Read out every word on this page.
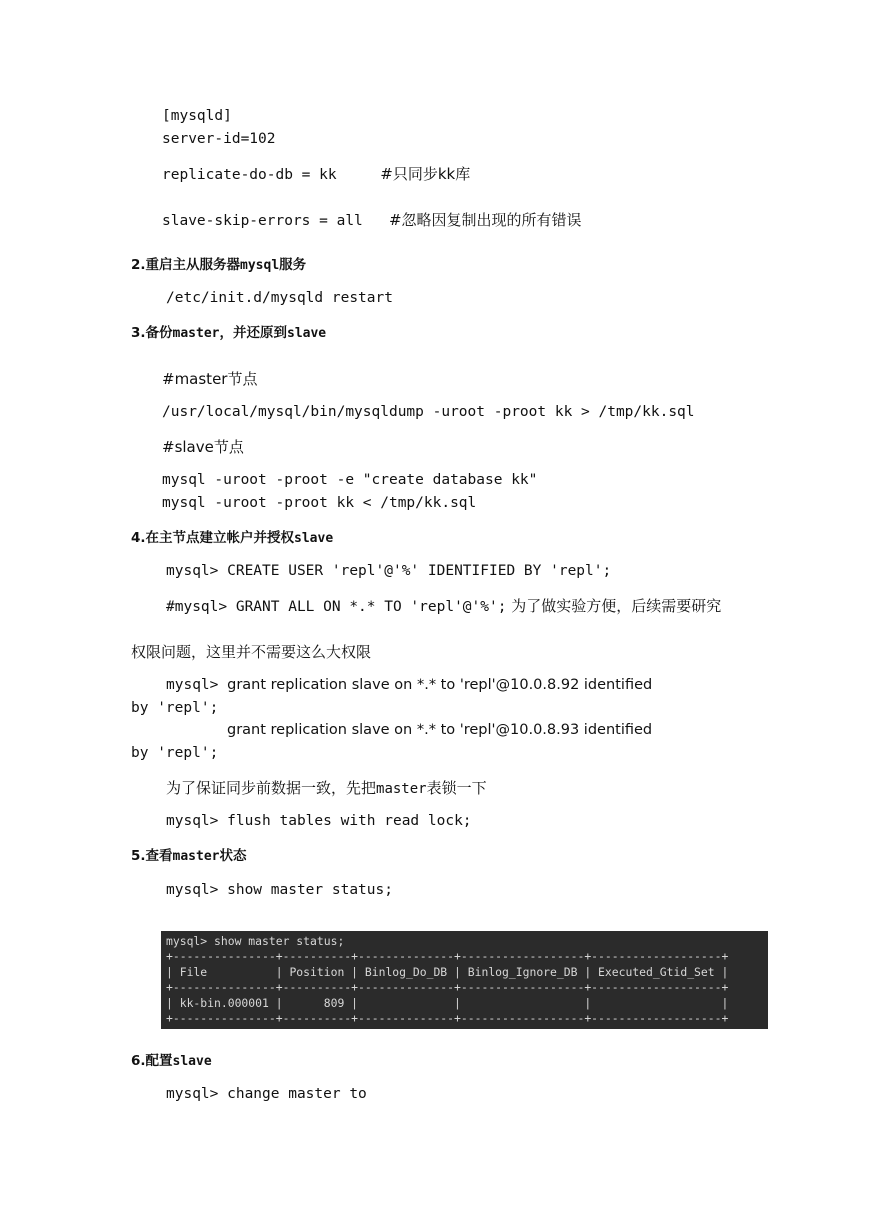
[mysqld]
server-id=102
replicate-do-db = kk     #只同步kk库
slave-skip-errors = all   #忽略因复制出现的所有错误
2.重启主从服务器mysql服务
/etc/init.d/mysqld restart
3.备份master，并还原到slave
#master节点
/usr/local/mysql/bin/mysqldump -uroot -proot kk > /tmp/kk.sql
#slave节点
mysql -uroot -proot -e "create database kk"
mysql -uroot -proot kk < /tmp/kk.sql
4.在主节点建立帐户并授权slave
mysql> CREATE USER 'repl'@'%' IDENTIFIED BY 'repl';
#mysql> GRANT ALL ON *.* TO 'repl'@'%'; 为了做实验方便，后续需要研究
权限问题，这里并不需要这么大权限
mysql> grant replication slave on *.* to 'repl'@10.0.8.92 identified
by 'repl';
grant replication slave on *.* to 'repl'@10.0.8.93 identified
by 'repl';
为了保证同步前数据一致，先把master表锁一下
mysql> flush tables with read lock;
5.查看master状态
mysql> show master status;
mysql> show master status;
+---------------+----------+--------------+------------------+-------------------+
| File          | Position | Binlog_Do_DB | Binlog_Ignore_DB | Executed_Gtid_Set |
+---------------+----------+--------------+------------------+-------------------+
| kk-bin.000001 |      809 |              |                  |                   |
+---------------+----------+--------------+------------------+-------------------+
6.配置slave
mysql> change master to
